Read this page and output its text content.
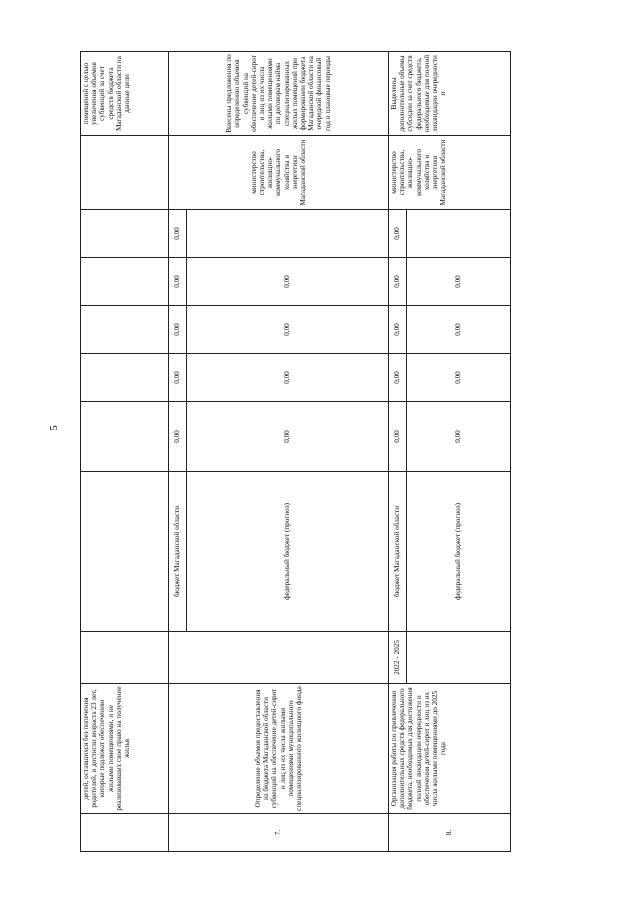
5
	детей, оставшихся без попечения родителей, и достигли возраста 23 лет, которые подлежат обеспечению жилыми помещениями, и не реализовавших свое право на получение жилья									помещений с целью увеличения объемов субвенций за счет средств бюджета Магаданской области на данные цели
7.	Определение объемов предоставления из бюджета Магаданской области субвенций на обеспечение детей-сирот и лиц из их числа жилыми помещениями муниципального специализированного жилищного фонда		бюджет Магаданской области	0,00	0,00	0,00	0,00	0,00	министерство строительства, жилищно-коммунального хозяйства и энергетики Магаданской области	Внесены предложения по определению объемов субвенций на обеспечение детей-сирот и лиц из их числа жилыми помещениями по договорам найма специализированных жилых помещений при формировании бюджета Магаданской области на очередной финансовый год и плановые периоды
			федеральный бюджет (прогноз)	0,00	0,00	0,00	0,00			
8.	Организация работы по привлечению дополнительных средств федерального бюджета, необходимых для достижения полной ликвидации очередности и обеспечения детей-сирот и лиц из их числа жилыми помещениями до 2025 года	2022 - 2025	бюджет Магаданской области	0,00	0,00	0,00	0,00	0,00	министерство строительства, жилищно-коммунального хозяйства и энергетики Магаданской области	Выделены дополнительные объемы субсидии за счет средств федерального бюджета, необходимые для полной ликвидации очередности и
			федеральный бюджет (прогноз)	0,00	0,00	0,00	0,00			
